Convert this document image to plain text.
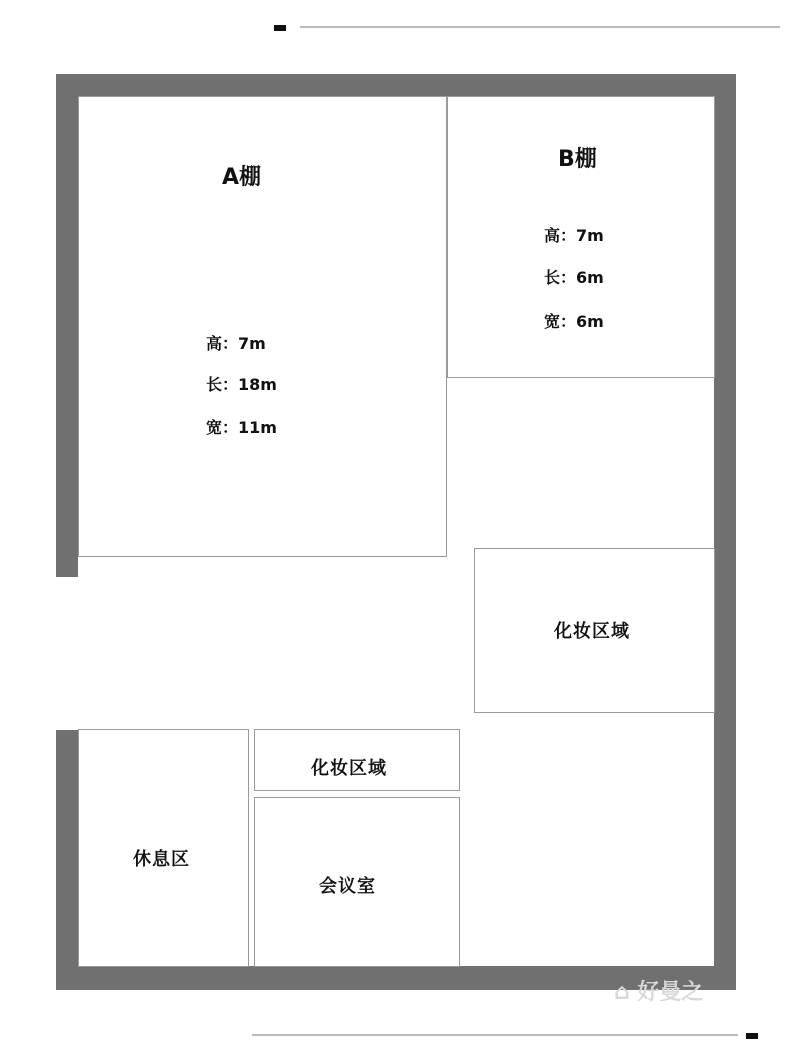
A棚
高：7m
长：18m
宽：11m
B棚
高：7m
长：6m
宽：6m
化妆区域
休息区
化妆区域
会议室
⌂ 好曼之
